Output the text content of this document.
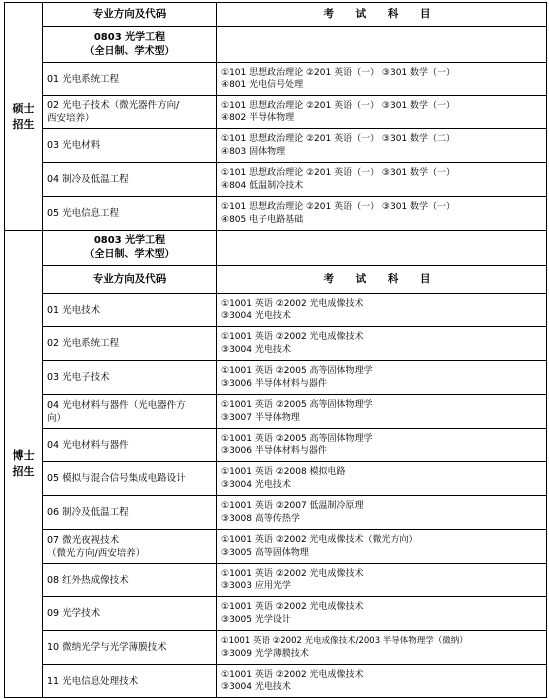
硕士
招生	专业方向及代码	考 试 科 目

	0803 光学工程
（全日制、学术型）	

	01 光电系统工程	①101 思想政治理论 ②201 英语（一） ③301 数学（一）
④801 光电信号处理

	02 光电子技术（微光器件方向/
西安培养）	①101 思想政治理论 ②201 英语（一） ③301 数学（一）
④802 半导体物理

	03 光电材料	①101 思想政治理论 ②201 英语（一） ③301 数学（二）
④803 固体物理

	04 制冷及低温工程	①101 思想政治理论 ②201 英语（一） ③301 数学（一）
④804 低温制冷技术

	05 光电信息工程	①101 思想政治理论 ②201 英语（一） ③301 数学（一）
④805 电子电路基础

博士
招生	0803 光学工程
（全日制、学术型）	

	专业方向及代码	考 试 科 目
	01 光电技术	①1001 英语 ②2002 光电成像技术
③3004 光电技术

	02 光电系统工程	①1001 英语 ②2002 光电成像技术
③3004 光电技术

	03 光电子技术	①1001 英语 ②2005 高等固体物理学
③3006 半导体材料与器件

	04 光电材料与器件（光电器件方
向）	①1001 英语 ②2005 高等固体物理学
③3007 半导体物理

	04 光电材料与器件	①1001 英语 ②2005 高等固体物理学
③3006 半导体材料与器件

	05 模拟与混合信号集成电路设计	①1001 英语 ②2008 模拟电路
③3004 光电技术

	06 制冷及低温工程	①1001 英语 ②2007 低温制冷原理
③3008 高等传热学

	07 微光夜视技术
（微光方向/西安培养）	①1001 英语 ②2002 光电成像技术（微光方向）
③3005 高等固体物理

	08 红外热成像技术	①1001 英语 ②2002 光电成像技术
③3003 应用光学

	09 光学技术	①1001 英语 ②2002 光电成像技术
③3005 光学设计

	10 微纳光学与光学薄膜技术	①1001 英语 ②2002 光电成像技术/2003 半导体物理学（微纳）
③3009 光学薄膜技术

	11 光电信息处理技术	①1001 英语 ②2002 光电成像技术
③3004 光电技术
